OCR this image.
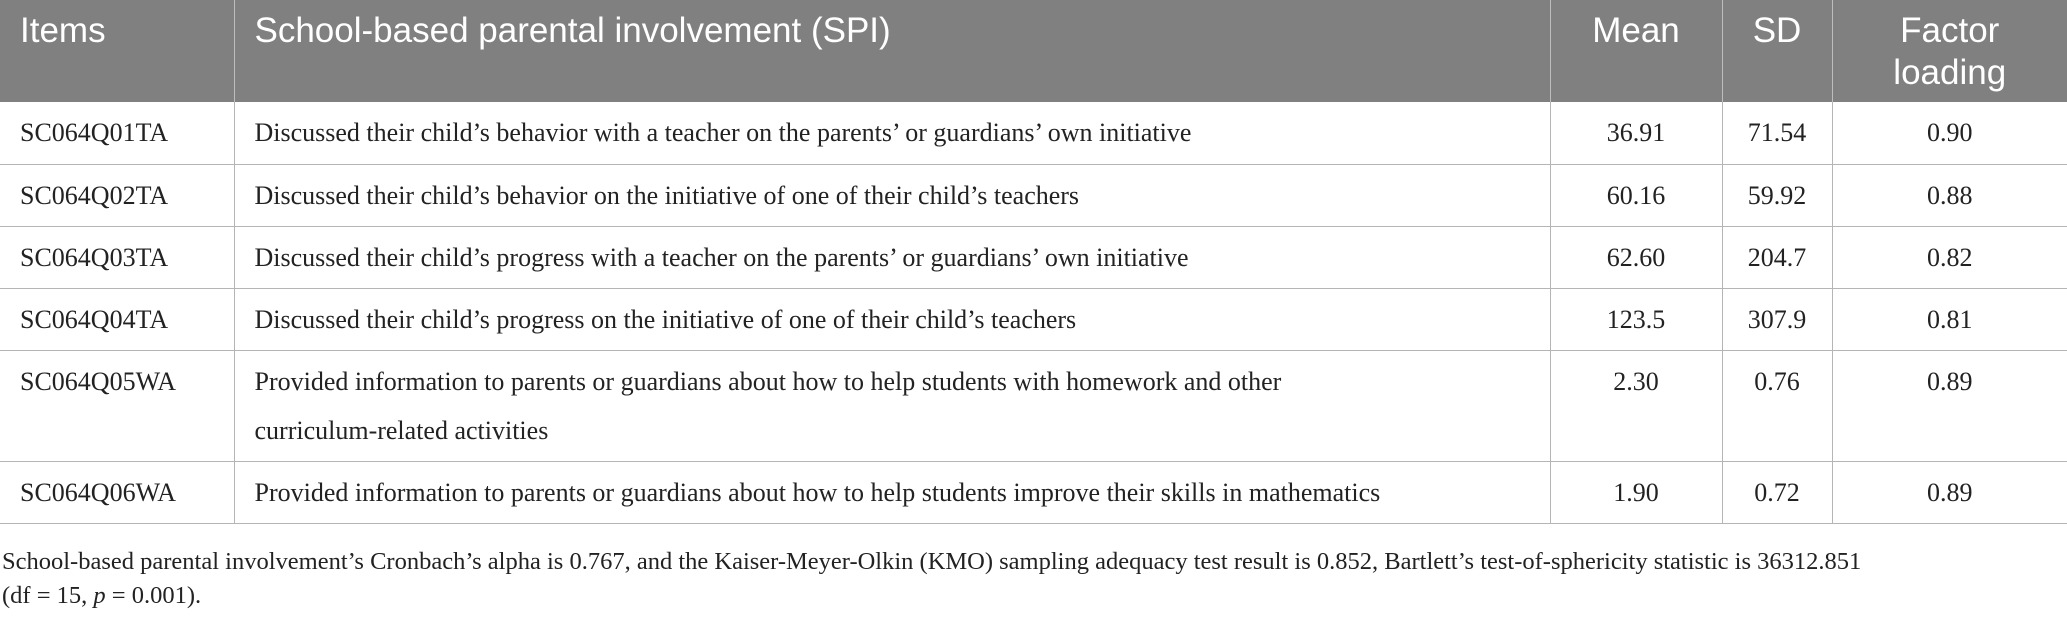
Items	School-based parental involvement (SPI)	Mean	SD	Factor
loading
SC064Q01TA	Discussed their child’s behavior with a teacher on the parents’ or guardians’ own initiative	36.91	71.54	0.90
SC064Q02TA	Discussed their child’s behavior on the initiative of one of their child’s teachers	60.16	59.92	0.88
SC064Q03TA	Discussed their child’s progress with a teacher on the parents’ or guardians’ own initiative	62.60	204.7	0.82
SC064Q04TA	Discussed their child’s progress on the initiative of one of their child’s teachers	123.5	307.9	0.81
SC064Q05WA	Provided information to parents or guardians about how to help students with homework and other
curriculum-related activities	2.30	0.76	0.89
SC064Q06WA	Provided information to parents or guardians about how to help students improve their skills in mathematics	1.90	0.72	0.89
School-based parental involvement’s Cronbach’s alpha is 0.767, and the Kaiser-Meyer-Olkin (KMO) sampling adequacy test result is 0.852, Bartlett’s test-of-sphericity statistic is 36312.851
(df = 15, p = 0.001).
